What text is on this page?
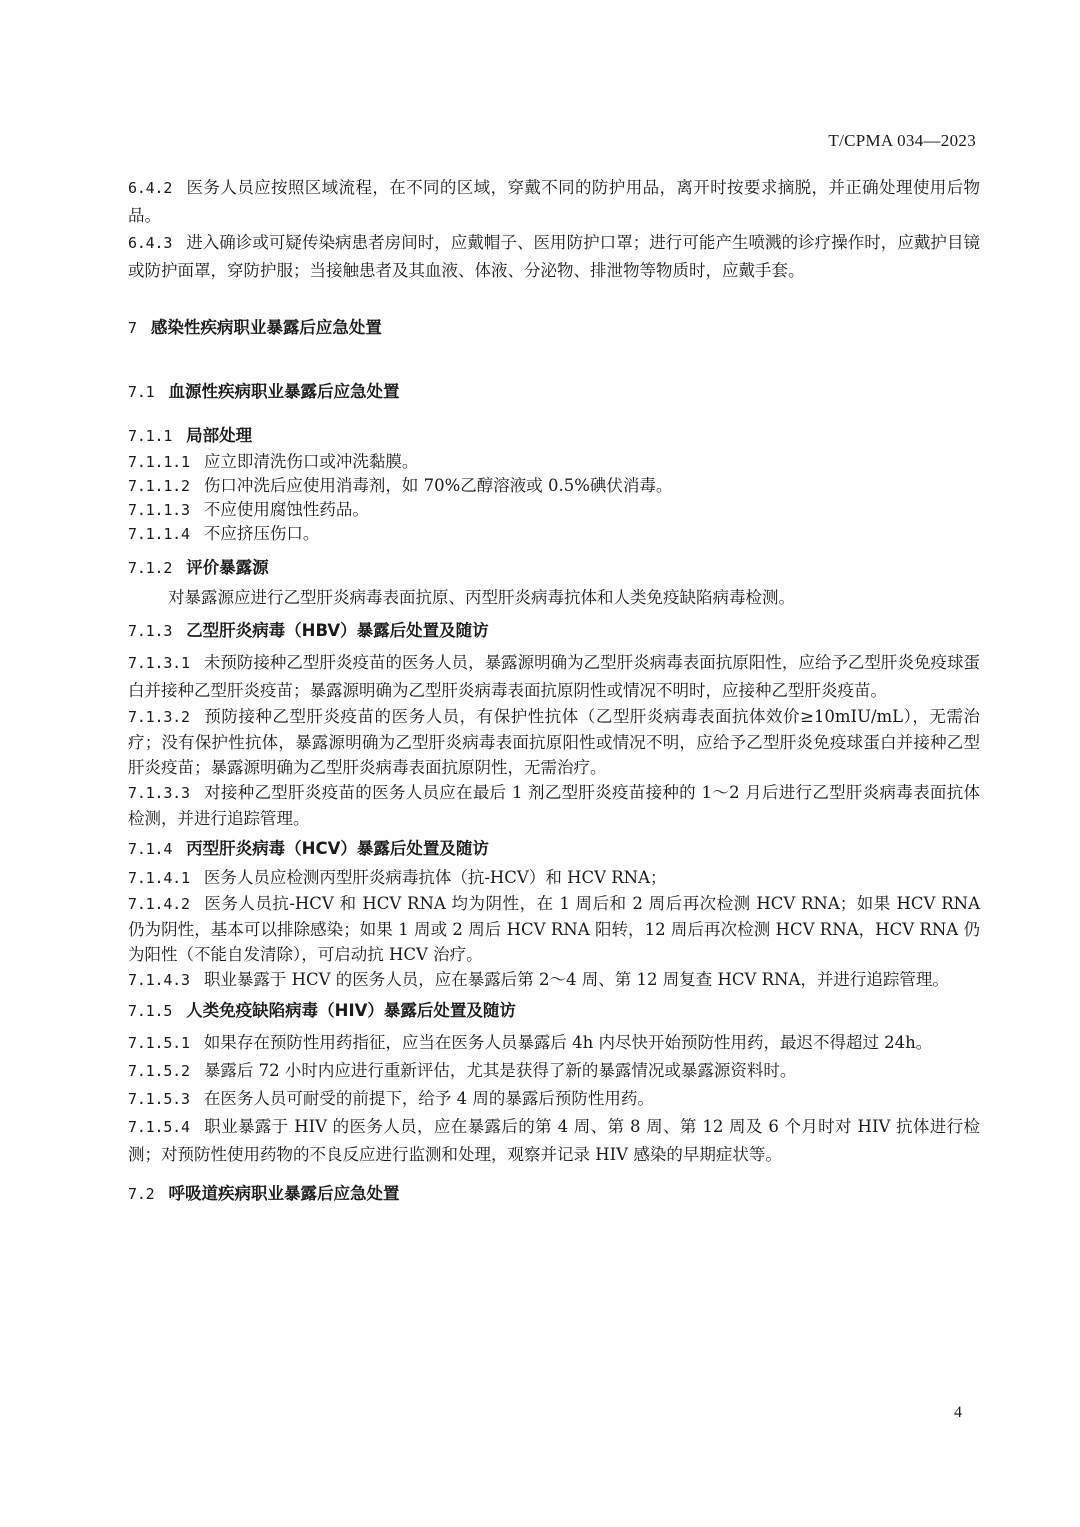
T/CPMA 034—2023

6.4.2 医务人员应按照区域流程，在不同的区域，穿戴不同的防护用品，离开时按要求摘脱，并正确处理使用后物品。

6.4.3 进入确诊或可疑传染病患者房间时，应戴帽子、医用防护口罩；进行可能产生喷溅的诊疗操作时，应戴护目镜或防护面罩，穿防护服；当接触患者及其血液、体液、分泌物、排泄物等物质时，应戴手套。

7 感染性疾病职业暴露后应急处置

7.1 血源性疾病职业暴露后应急处置

7.1.1 局部处理

7.1.1.1 应立即清洗伤口或冲洗黏膜。

7.1.1.2 伤口冲洗后应使用消毒剂，如 70%乙醇溶液或 0.5%碘伏消毒。

7.1.1.3 不应使用腐蚀性药品。

7.1.1.4 不应挤压伤口。

7.1.2 评价暴露源

对暴露源应进行乙型肝炎病毒表面抗原、丙型肝炎病毒抗体和人类免疫缺陷病毒检测。

7.1.3 乙型肝炎病毒（HBV）暴露后处置及随访

7.1.3.1 未预防接种乙型肝炎疫苗的医务人员，暴露源明确为乙型肝炎病毒表面抗原阳性，应给予乙型肝炎免疫球蛋白并接种乙型肝炎疫苗；暴露源明确为乙型肝炎病毒表面抗原阴性或情况不明时，应接种乙型肝炎疫苗。

7.1.3.2 预防接种乙型肝炎疫苗的医务人员，有保护性抗体（乙型肝炎病毒表面抗体效价≥10mIU/mL），无需治疗；没有保护性抗体，暴露源明确为乙型肝炎病毒表面抗原阳性或情况不明，应给予乙型肝炎免疫球蛋白并接种乙型肝炎疫苗；暴露源明确为乙型肝炎病毒表面抗原阴性，无需治疗。

7.1.3.3 对接种乙型肝炎疫苗的医务人员应在最后 1 剂乙型肝炎疫苗接种的 1～2 月后进行乙型肝炎病毒表面抗体检测，并进行追踪管理。

7.1.4 丙型肝炎病毒（HCV）暴露后处置及随访

7.1.4.1 医务人员应检测丙型肝炎病毒抗体（抗-HCV）和 HCV RNA；

7.1.4.2 医务人员抗-HCV 和 HCV RNA 均为阴性，在 1 周后和 2 周后再次检测 HCV RNA；如果 HCV RNA 仍为阴性，基本可以排除感染；如果 1 周或 2 周后 HCV RNA 阳转，12 周后再次检测 HCV RNA，HCV RNA 仍为阳性（不能自发清除），可启动抗 HCV 治疗。

7.1.4.3 职业暴露于 HCV 的医务人员，应在暴露后第 2～4 周、第 12 周复查 HCV RNA，并进行追踪管理。

7.1.5 人类免疫缺陷病毒（HIV）暴露后处置及随访

7.1.5.1 如果存在预防性用药指征，应当在医务人员暴露后 4h 内尽快开始预防性用药，最迟不得超过 24h。

7.1.5.2 暴露后 72 小时内应进行重新评估，尤其是获得了新的暴露情况或暴露源资料时。

7.1.5.3 在医务人员可耐受的前提下，给予 4 周的暴露后预防性用药。

7.1.5.4 职业暴露于 HIV 的医务人员，应在暴露后的第 4 周、第 8 周、第 12 周及 6 个月时对 HIV 抗体进行检测；对预防性使用药物的不良反应进行监测和处理，观察并记录 HIV 感染的早期症状等。

7.2 呼吸道疾病职业暴露后应急处置

4
